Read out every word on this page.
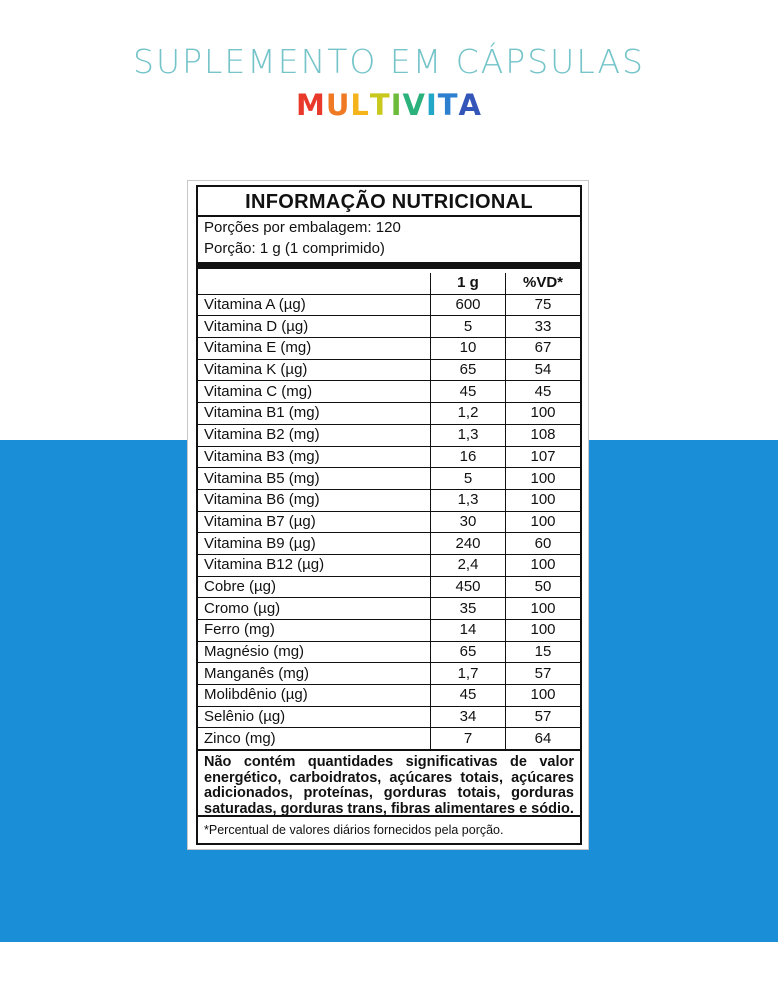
SUPLEMENTO EM CÁPSULAS
MULTIVITA
INFORMAÇÃO NUTRICIONAL
Porções por embalagem: 120
Porção: 1 g (1 comprimido)
	1 g	%VD*
Vitamina A (µg)	600	75
Vitamina D (µg)	5	33
Vitamina E (mg)	10	67
Vitamina K (µg)	65	54
Vitamina C (mg)	45	45
Vitamina B1 (mg)	1,2	100
Vitamina B2 (mg)	1,3	108
Vitamina B3 (mg)	16	107
Vitamina B5 (mg)	5	100
Vitamina B6 (mg)	1,3	100
Vitamina B7 (µg)	30	100
Vitamina B9 (µg)	240	60
Vitamina B12 (µg)	2,4	100
Cobre (µg)	450	50
Cromo (µg)	35	100
Ferro (mg)	14	100
Magnésio (mg)	65	15
Manganês (mg)	1,7	57
Molibdênio (µg)	45	100
Selênio (µg)	34	57
Zinco (mg)	7	64
Não contém quantidades significativas de valor energético, carboidratos, açúcares totais, açúcares adicionados, proteínas, gorduras totais, gorduras saturadas, gorduras trans, fibras alimentares e sódio.
*Percentual de valores diários fornecidos pela porção.
